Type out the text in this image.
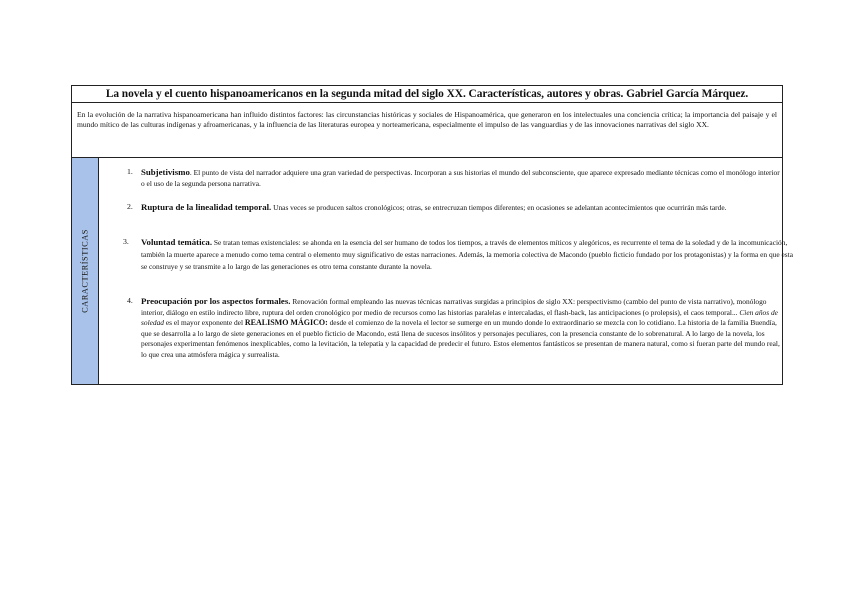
La novela y el cuento hispanoamericanos en la segunda mitad del siglo XX. Características, autores y obras. Gabriel García Márquez.
En la evolución de la narrativa hispanoamericana han influido distintos factores: las circunstancias históricas y sociales de Hispanoamérica, que generaron en los intelectuales una conciencia crítica; la importancia del paisaje y el mundo mítico de las culturas indígenas y afroamericanas, y la influencia de las literaturas europea y norteamericana, especialmente el impulso de las vanguardias y de las innovaciones narrativas del siglo XX.
CARACTERÍSTICAS
1. Subjetivismo. El punto de vista del narrador adquiere una gran variedad de perspectivas. Incorporan a sus historias el mundo del subconsciente, que aparece expresado mediante técnicas como el monólogo interior o el uso de la segunda persona narrativa.
2. Ruptura de la linealidad temporal. Unas veces se producen saltos cronológicos; otras, se entrecruzan tiempos diferentes; en ocasiones se adelantan acontecimientos que ocurrirán más tarde.
3. Voluntad temática. Se tratan temas existenciales: se ahonda en la esencia del ser humano de todos los tiempos, a través de elementos míticos y alegóricos, es recurrente el tema de la soledad y de la incomunicación, también la muerte aparece a menudo como tema central o elemento muy significativo de estas narraciones. Además, la memoria colectiva de Macondo (pueblo ficticio fundado por los protagonistas) y la forma en que esta se construye y se transmite a lo largo de las generaciones es otro tema constante durante la novela.
4. Preocupación por los aspectos formales. Renovación formal empleando las nuevas técnicas narrativas surgidas a principios de siglo XX: perspectivismo (cambio del punto de vista narrativo), monólogo interior, diálogo en estilo indirecto libre, ruptura del orden cronológico por medio de recursos como las historias paralelas e intercaladas, el flash-back, las anticipaciones (o prolepsis), el caos temporal... Cien años de soledad es el mayor exponente del REALISMO MÁGICO: desde el comienzo de la novela el lector se sumerge en un mundo donde lo extraordinario se mezcla con lo cotidiano. La historia de la familia Buendía, que se desarrolla a lo largo de siete generaciones en el pueblo ficticio de Macondo, está llena de sucesos insólitos y personajes peculiares, con la presencia constante de lo sobrenatural. A lo largo de la novela, los personajes experimentan fenómenos inexplicables, como la levitación, la telepatía y la capacidad de predecir el futuro. Estos elementos fantásticos se presentan de manera natural, como si fueran parte del mundo real, lo que crea una atmósfera mágica y surrealista.
